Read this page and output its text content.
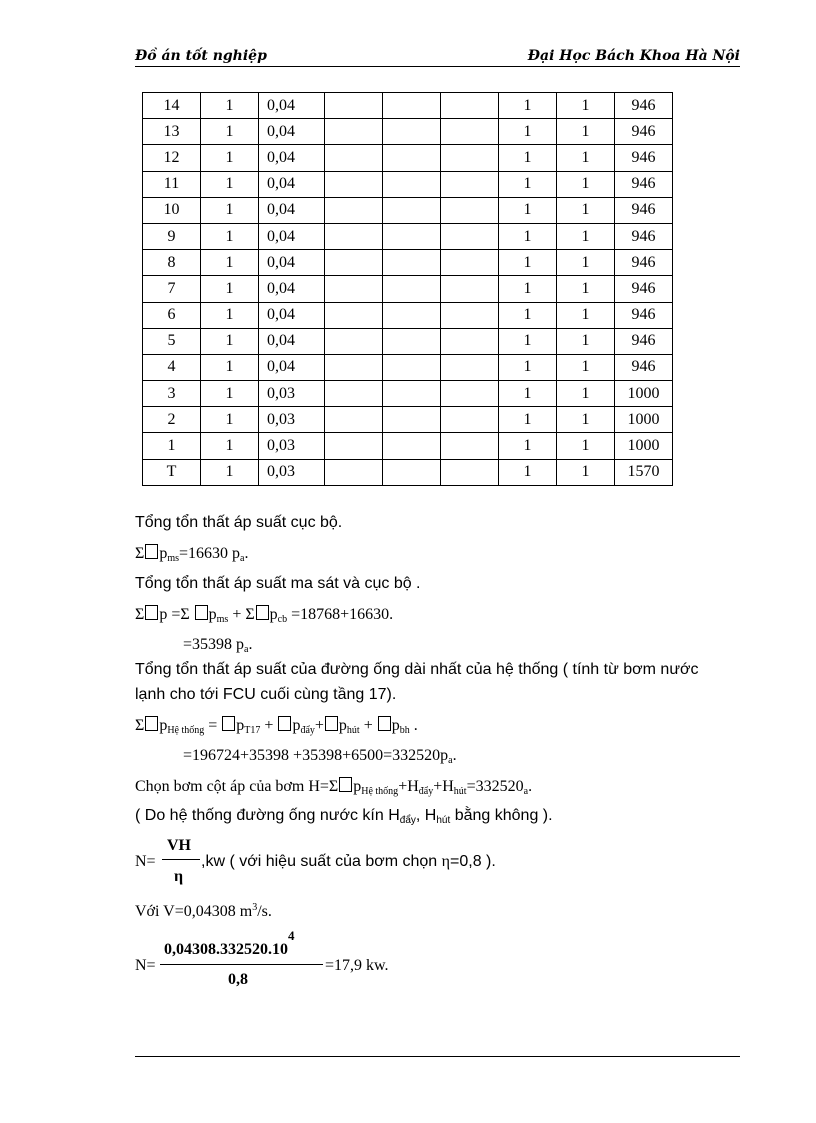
Đồ án tốt nghiệp	Đại Học Bách Khoa Hà Nội
14	1	0,04				1	1	946
13	1	0,04				1	1	946
12	1	0,04				1	1	946
11	1	0,04				1	1	946
10	1	0,04				1	1	946
9	1	0,04				1	1	946
8	1	0,04				1	1	946
7	1	0,04				1	1	946
6	1	0,04				1	1	946
5	1	0,04				1	1	946
4	1	0,04				1	1	946
3	1	0,03				1	1	1000
2	1	0,03				1	1	1000
1	1	0,03				1	1	1000
T	1	0,03				1	1	1570
Tổng tổn thất áp suất cục bộ.
Σ $p_{ms}=16630$ $p_a$.
Tổng tổn thất áp suất ma sát và cục bộ .
Σ p =Σ $p_{ms} + \Sigma$ $p_{cb} =18768+16630$.
=35398 $p_a$.
Tổng tổn thất áp suất của đường ống dài nhất của hệ thống ( tính từ bơm nước
lạnh cho tới FCU cuối cùng tầng 17).
Σ $p_{Hệ thống} = p_{T17} + p_{đẩy}+ p_{hút} + p_{bh}$ .
$=196724+35398 +35398+6500=332520p_a$.
Chọn bơm cột áp của bơm H=Σ $p_{Hệ thống}+H_{đẩy}+H_{hút}=332520_a$.
( Do hệ thống đường ống nước kín $H_{đẩy}$, $H_{hút}$ bằng không ).
N=
VH
η
,kw ( với hiệu suất của bơm chọn η=0,8 ).
Với V=0,04308 $m^3/s$.
N=
$0,04308.332520.10^4$
0,8
=17,9 kw.
